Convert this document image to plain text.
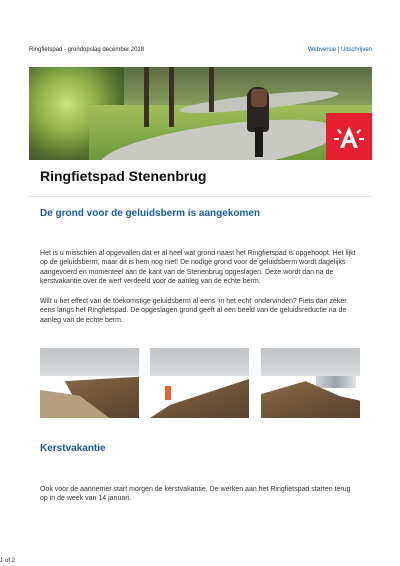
Ringfietspad - grondopslag december 2018	Webversie | Uitschrijven
Ringfietspad Stenenbrug
De grond voor de geluidsberm is aangekomen

Het is u misschien al opgevallen dat er al heel wat grond naast het Ringfietspad is opgehoopt. Het lijkt op de geluidsberm, maar dit is hem nog niet! De nodige grond voor de geluidsberm wordt dagelijks aangevoerd en momenteel aan de kant van de Stenenbrug opgeslagen. Deze wordt dan na de kerstvakantie over de werf verdeeld voor de aanleg van de echte berm.

Wilt u het effect van de toekomstige geluidsberm al eens ‘in het echt’ ondervinden? Fiets dan zeker eens langs het Ringfietspad. De opgeslagen grond geeft al een beeld van de geluidsreductie na de aanleg van de echte berm.

Kerstvakantie

Ook voor de aannemer start morgen de kerstvakantie. De werken aan het Ringfietspad starten terug op in de week van 14 januari.

1 of 2
